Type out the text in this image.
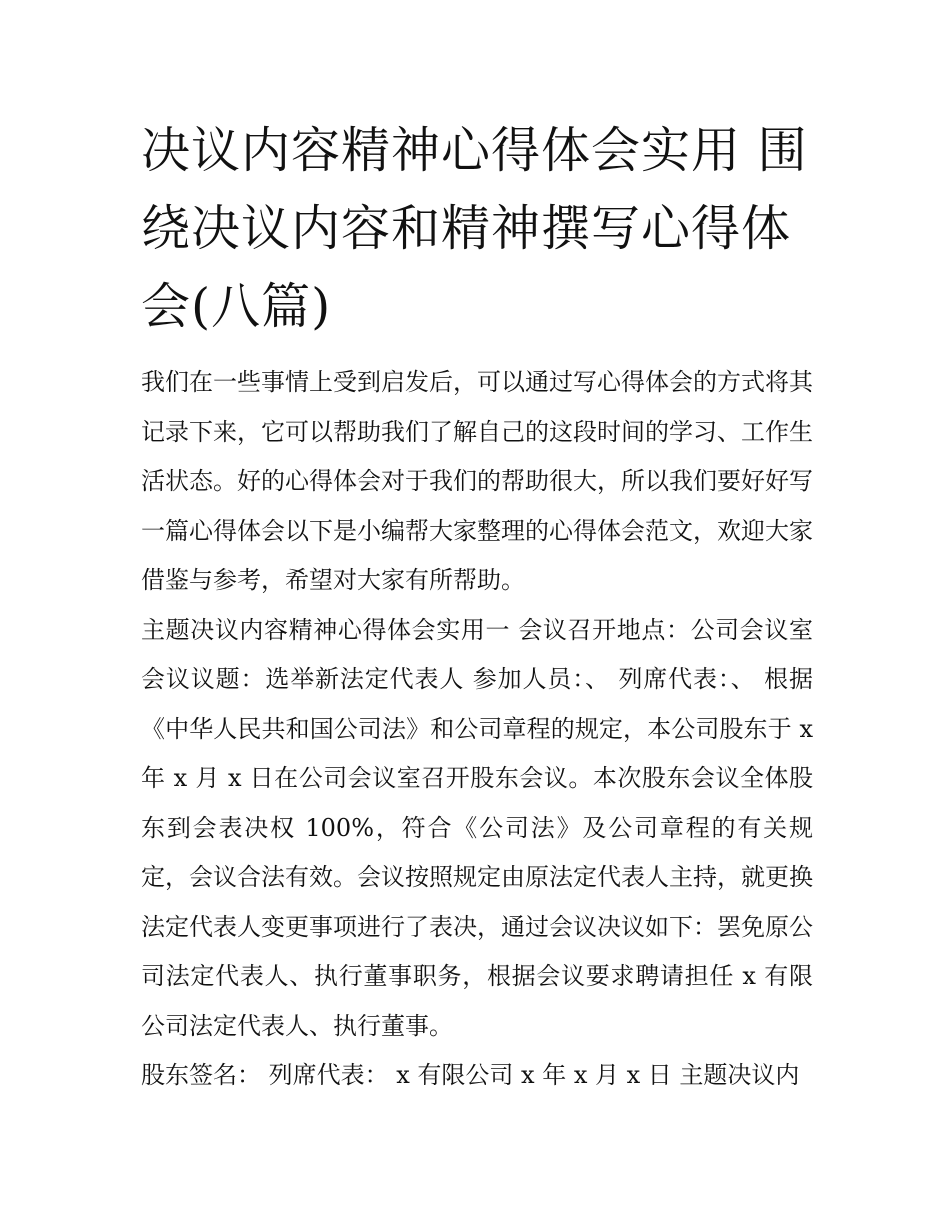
决议内容精神心得体会实用 围绕决议内容和精神撰写心得体会(八篇)

我们在一些事情上受到启发后，可以通过写心得体会的方式将其记录下来，它可以帮助我们了解自己的这段时间的学习、工作生活状态。好的心得体会对于我们的帮助很大，所以我们要好好写一篇心得体会以下是小编帮大家整理的心得体会范文，欢迎大家借鉴与参考，希望对大家有所帮助。

主题决议内容精神心得体会实用一 会议召开地点：公司会议室 会议议题：选举新法定代表人 参加人员：、 列席代表：、 根据《中华人民共和国公司法》和公司章程的规定，本公司股东于 x 年 x 月 x 日在公司会议室召开股东会议。本次股东会议全体股东到会表决权 100%，符合《公司法》及公司章程的有关规定，会议合法有效。会议按照规定由原法定代表人主持，就更换法定代表人变更事项进行了表决，通过会议决议如下：罢免原公司法定代表人、执行董事职务，根据会议要求聘请担任 x 有限公司法定代表人、执行董事。

股东签名： 列席代表： x 有限公司 x 年 x 月 x 日 主题决议内
